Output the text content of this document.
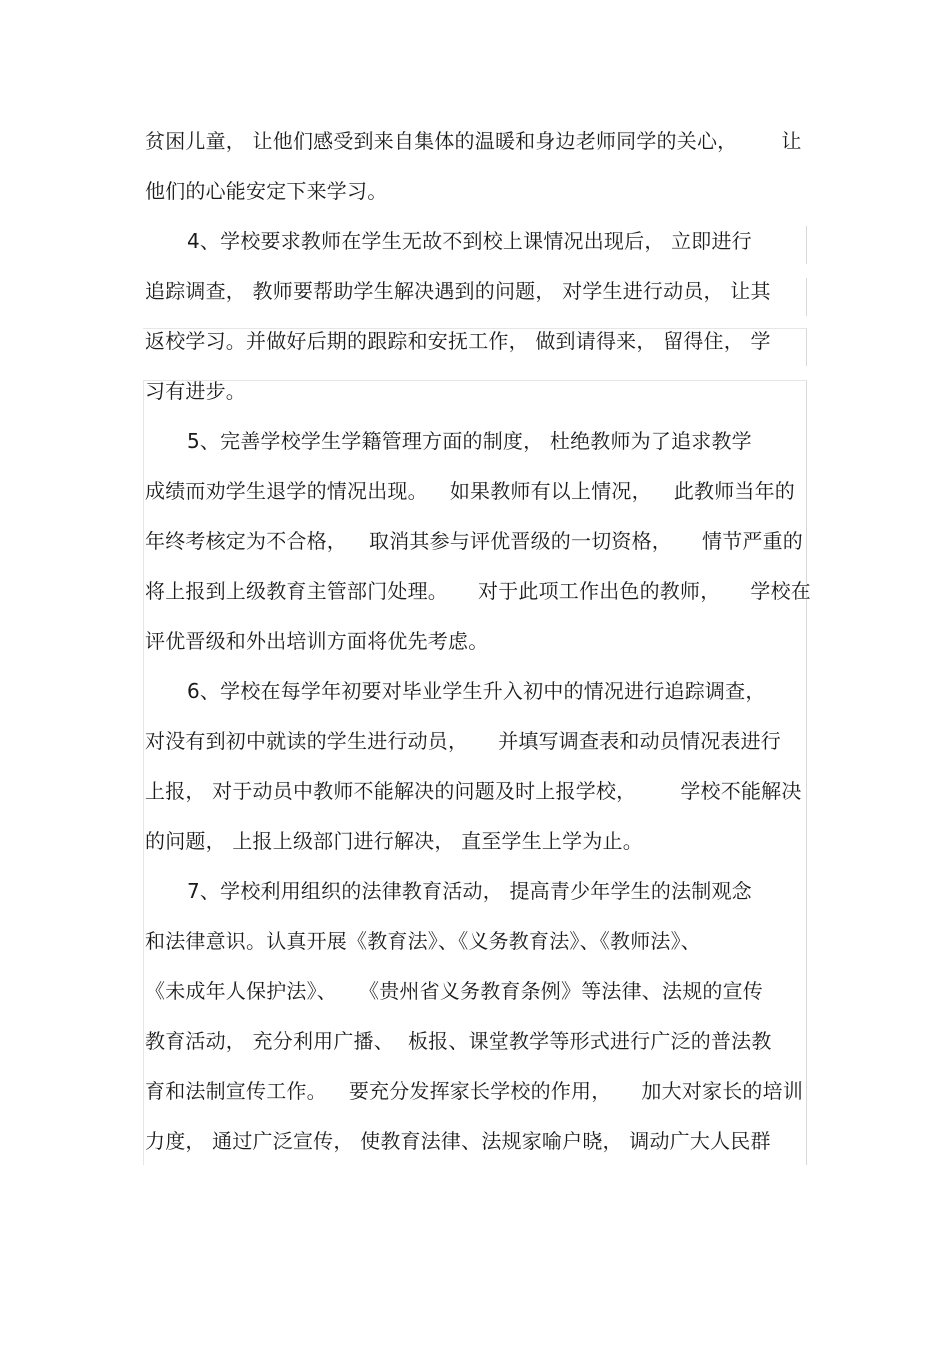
贫困儿童， 让他们感受到来自集体的温暖和身边老师同学的关心， 让
他们的心能安定下来学习。
4、学校要求教师在学生无故不到校上课情况出现后， 立即进行
追踪调查， 教师要帮助学生解决遇到的问题， 对学生进行动员， 让其
返校学习。并做好后期的跟踪和安抚工作， 做到请得来， 留得住， 学
习有进步。
5、完善学校学生学籍管理方面的制度， 杜绝教师为了追求教学
成绩而劝学生退学的情况出现。 如果教师有以上情况， 此教师当年的
年终考核定为不合格， 取消其参与评优晋级的一切资格， 情节严重的
将上报到上级教育主管部门处理。 对于此项工作出色的教师， 学校在
评优晋级和外出培训方面将优先考虑。
6、学校在每学年初要对毕业学生升入初中的情况进行追踪调查，
对没有到初中就读的学生进行动员， 并填写调查表和动员情况表进行
上报， 对于动员中教师不能解决的问题及时上报学校， 学校不能解决
的问题， 上报上级部门进行解决， 直至学生上学为止。
7、学校利用组织的法律教育活动， 提高青少年学生的法制观念
和法律意识。认真开展《教育法》、《义务教育法》、《教师法》、
《未成年人保护法》、 《贵州省义务教育条例》等法律、法规的宣传
教育活动， 充分利用广播、 板报、课堂教学等形式进行广泛的普法教
育和法制宣传工作。 要充分发挥家长学校的作用， 加大对家长的培训
力度， 通过广泛宣传， 使教育法律、法规家喻户晓， 调动广大人民群
